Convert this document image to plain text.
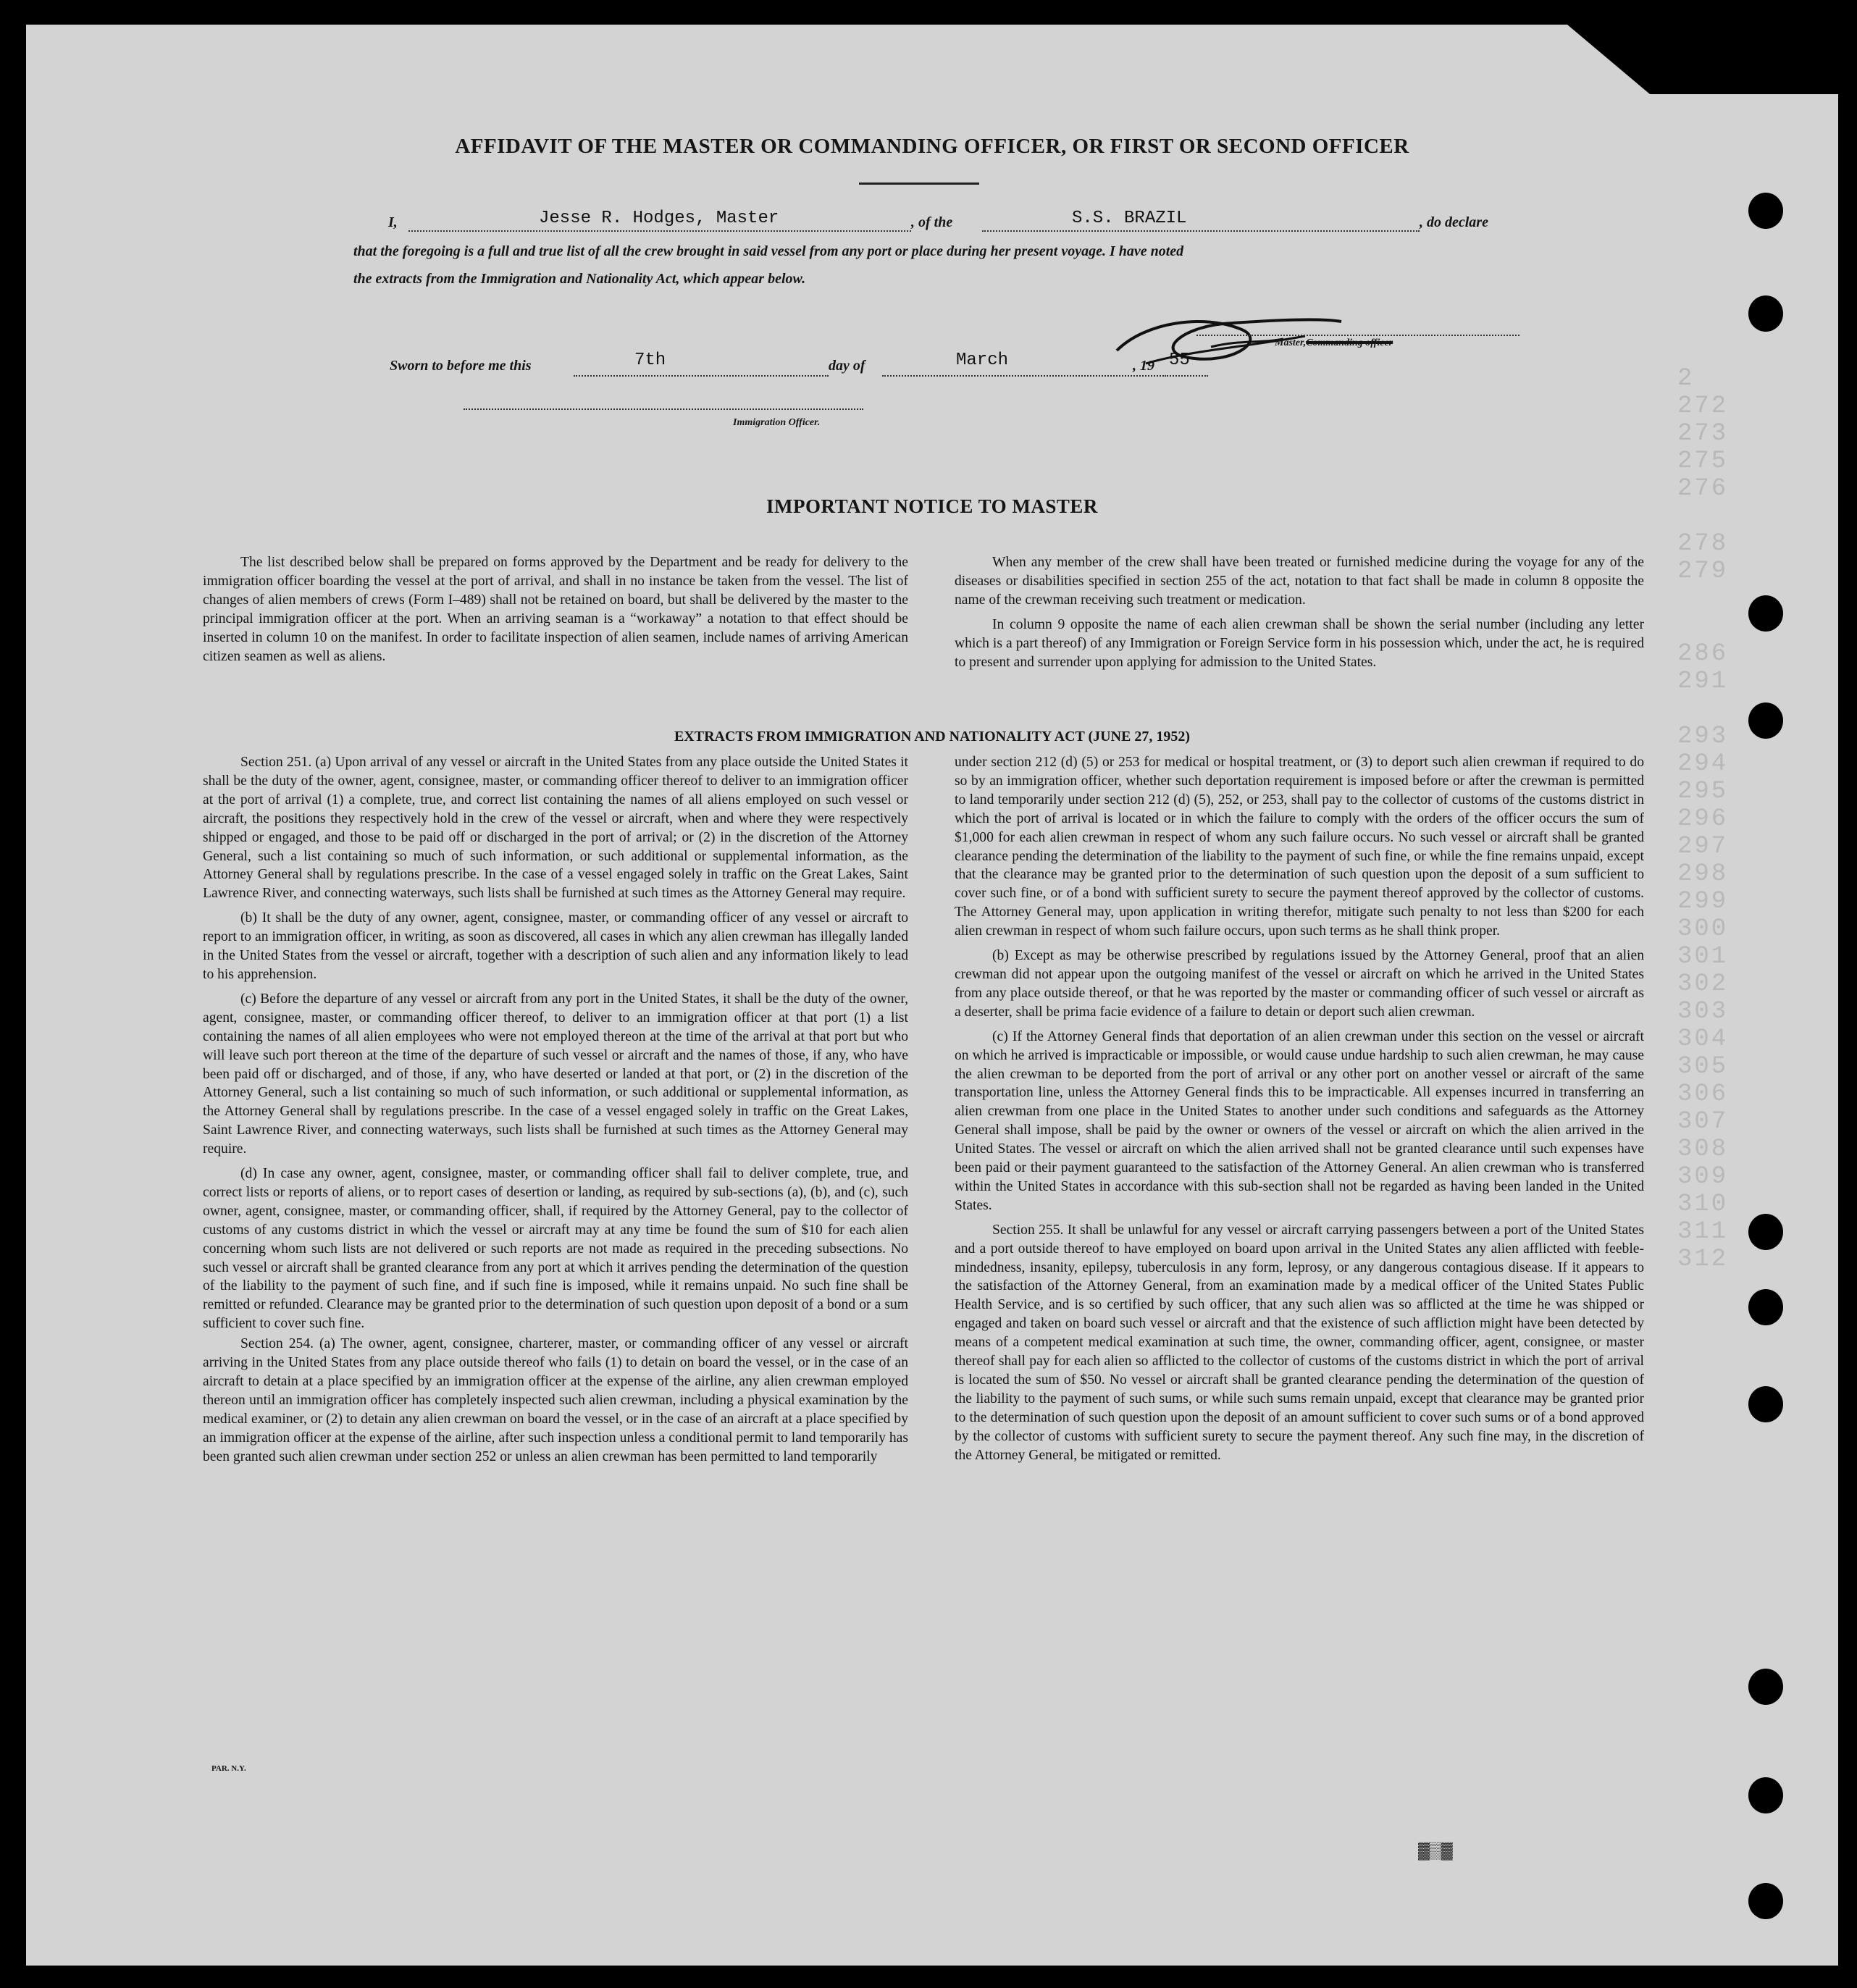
2
272
273
275
276

278
279

286
291

293
294
295
296
297
298
299
300
301
302
303
304
305
306
307
308
309
310
311
312
AFFIDAVIT OF THE MASTER OR COMMANDING OFFICER, OR FIRST OR SECOND OFFICER
I,	Jesse R. Hodges, Master	, of the	S.S. BRAZIL	, do declare
that the foregoing is a full and true list of all the crew brought in said vessel from any port or place during her present voyage. I have noted
the extracts from the Immigration and Nationality Act, which appear below.
Master,Commanding officer
Sworn to before me this	7th	day of	March	, 19 55
Immigration Officer.
IMPORTANT NOTICE TO MASTER

The list described below shall be prepared on forms approved by the Department and be ready for delivery to the immigration officer boarding the vessel at the port of arrival, and shall in no instance be taken from the vessel. The list of changes of alien members of crews (Form I–489) shall not be retained on board, but shall be delivered by the master to the principal immigration officer at the port. When an arriving seaman is a “workaway” a notation to that effect should be inserted in column 10 on the manifest. In order to facilitate inspection of alien seamen, include names of arriving American citizen seamen as well as aliens.

When any member of the crew shall have been treated or furnished medicine during the voyage for any of the diseases or disabilities specified in section 255 of the act, notation to that fact shall be made in column 8 opposite the name of the crewman receiving such treatment or medication.

In column 9 opposite the name of each alien crewman shall be shown the serial number (including any letter which is a part thereof) of any Immigration or Foreign Service form in his possession which, under the act, he is required to present and surrender upon applying for admission to the United States.

EXTRACTS FROM IMMIGRATION AND NATIONALITY ACT (JUNE 27, 1952)

Section 251. (a) Upon arrival of any vessel or aircraft in the United States from any place outside the United States it shall be the duty of the owner, agent, consignee, master, or commanding officer thereof to deliver to an immigration officer at the port of arrival (1) a complete, true, and correct list containing the names of all aliens employed on such vessel or aircraft, the positions they respectively hold in the crew of the vessel or aircraft, when and where they were respectively shipped or engaged, and those to be paid off or discharged in the port of arrival; or (2) in the discretion of the Attorney General, such a list containing so much of such information, or such additional or supplemental information, as the Attorney General shall by regulations prescribe. In the case of a vessel engaged solely in traffic on the Great Lakes, Saint Lawrence River, and connecting waterways, such lists shall be furnished at such times as the Attorney General may require.

(b) It shall be the duty of any owner, agent, consignee, master, or commanding officer of any vessel or aircraft to report to an immigration officer, in writing, as soon as discovered, all cases in which any alien crewman has illegally landed in the United States from the vessel or aircraft, together with a description of such alien and any information likely to lead to his apprehension.

(c) Before the departure of any vessel or aircraft from any port in the United States, it shall be the duty of the owner, agent, consignee, master, or commanding officer thereof, to deliver to an immigration officer at that port (1) a list containing the names of all alien employees who were not employed thereon at the time of the arrival at that port but who will leave such port thereon at the time of the departure of such vessel or aircraft and the names of those, if any, who have been paid off or discharged, and of those, if any, who have deserted or landed at that port, or (2) in the discretion of the Attorney General, such a list containing so much of such information, or such additional or supplemental information, as the Attorney General shall by regulations prescribe. In the case of a vessel engaged solely in traffic on the Great Lakes, Saint Lawrence River, and connecting waterways, such lists shall be furnished at such times as the Attorney General may require.

(d) In case any owner, agent, consignee, master, or commanding officer shall fail to deliver complete, true, and correct lists or reports of aliens, or to report cases of desertion or landing, as required by sub-sections (a), (b), and (c), such owner, agent, consignee, master, or commanding officer, shall, if required by the Attorney General, pay to the collector of customs of any customs district in which the vessel or aircraft may at any time be found the sum of $10 for each alien concerning whom such lists are not delivered or such reports are not made as required in the preceding subsections. No such vessel or aircraft shall be granted clearance from any port at which it arrives pending the determination of the question of the liability to the payment of such fine, and if such fine is imposed, while it remains unpaid. No such fine shall be remitted or refunded. Clearance may be granted prior to the determination of such question upon deposit of a bond or a sum sufficient to cover such fine.

Section 254. (a) The owner, agent, consignee, charterer, master, or commanding officer of any vessel or aircraft arriving in the United States from any place outside thereof who fails (1) to detain on board the vessel, or in the case of an aircraft to detain at a place specified by an immigration officer at the expense of the airline, any alien crewman employed thereon until an immigration officer has completely inspected such alien crewman, including a physical examination by the medical examiner, or (2) to detain any alien crewman on board the vessel, or in the case of an aircraft at a place specified by an immigration officer at the expense of the airline, after such inspection unless a conditional permit to land temporarily has been granted such alien crewman under section 252 or unless an alien crewman has been permitted to land temporarily

under section 212 (d) (5) or 253 for medical or hospital treatment, or (3) to deport such alien crewman if required to do so by an immigration officer, whether such deportation requirement is imposed before or after the crewman is permitted to land temporarily under section 212 (d) (5), 252, or 253, shall pay to the collector of customs of the customs district in which the port of arrival is located or in which the failure to comply with the orders of the officer occurs the sum of $1,000 for each alien crewman in respect of whom any such failure occurs. No such vessel or aircraft shall be granted clearance pending the determination of the liability to the payment of such fine, or while the fine remains unpaid, except that the clearance may be granted prior to the determination of such question upon the deposit of a sum sufficient to cover such fine, or of a bond with sufficient surety to secure the payment thereof approved by the collector of customs. The Attorney General may, upon application in writing therefor, mitigate such penalty to not less than $200 for each alien crewman in respect of whom such failure occurs, upon such terms as he shall think proper.

(b) Except as may be otherwise prescribed by regulations issued by the Attorney General, proof that an alien crewman did not appear upon the outgoing manifest of the vessel or aircraft on which he arrived in the United States from any place outside thereof, or that he was reported by the master or commanding officer of such vessel or aircraft as a deserter, shall be prima facie evidence of a failure to detain or deport such alien crewman.

(c) If the Attorney General finds that deportation of an alien crewman under this section on the vessel or aircraft on which he arrived is impracticable or impossible, or would cause undue hardship to such alien crewman, he may cause the alien crewman to be deported from the port of arrival or any other port on another vessel or aircraft of the same transportation line, unless the Attorney General finds this to be impracticable. All expenses incurred in transferring an alien crewman from one place in the United States to another under such conditions and safeguards as the Attorney General shall impose, shall be paid by the owner or owners of the vessel or aircraft on which the alien arrived in the United States. The vessel or aircraft on which the alien arrived shall not be granted clearance until such expenses have been paid or their payment guaranteed to the satisfaction of the Attorney General. An alien crewman who is transferred within the United States in accordance with this sub-section shall not be regarded as having been landed in the United States.

Section 255. It shall be unlawful for any vessel or aircraft carrying passengers between a port of the United States and a port outside thereof to have employed on board upon arrival in the United States any alien afflicted with feeble-mindedness, insanity, epilepsy, tuberculosis in any form, leprosy, or any dangerous contagious disease. If it appears to the satisfaction of the Attorney General, from an examination made by a medical officer of the United States Public Health Service, and is so certified by such officer, that any such alien was so afflicted at the time he was shipped or engaged and taken on board such vessel or aircraft and that the existence of such affliction might have been detected by means of a competent medical examination at such time, the owner, commanding officer, agent, consignee, or master thereof shall pay for each alien so afflicted to the collector of customs of the customs district in which the port of arrival is located the sum of $50. No vessel or aircraft shall be granted clearance pending the determination of the question of the liability to the payment of such sums, or while such sums remain unpaid, except that clearance may be granted prior to the determination of such question upon the deposit of an amount sufficient to cover such sums or of a bond approved by the collector of customs with sufficient surety to secure the payment thereof. Any such fine may, in the discretion of the Attorney General, be mitigated or remitted.

PAR. N.Y.
▓▒▓
